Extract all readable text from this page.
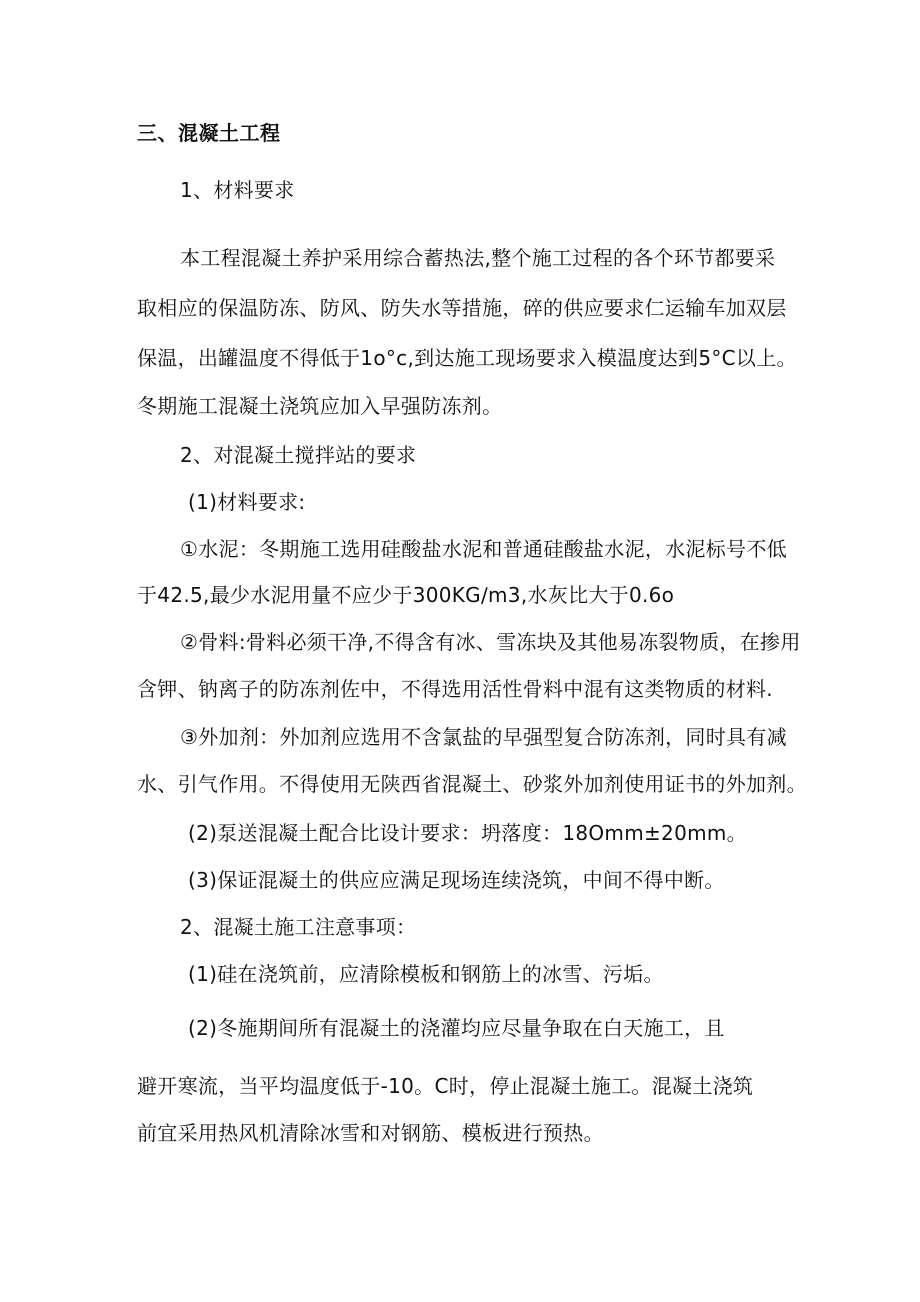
三、混凝土工程
1、材料要求
本工程混凝土养护采用综合蓄热法,整个施工过程的各个环节都要采
取相应的保温防冻、防风、防失水等措施，碎的供应要求仁运输车加双层
保温，出罐温度不得低于1o°c,到达施工现场要求入模温度达到5°C以上。
冬期施工混凝土浇筑应加入早强防冻剂。
2、对混凝土搅拌站的要求
(1)材料要求:
①水泥：冬期施工选用硅酸盐水泥和普通硅酸盐水泥，水泥标号不低
于42.5,最少水泥用量不应少于300KG∕m3,水灰比大于0.6o
②骨料:骨料必须干净,不得含有冰、雪冻块及其他易冻裂物质，在掺用
含钾、钠离子的防冻剂佐中，不得选用活性骨料中混有这类物质的材料.
③外加剂：外加剂应选用不含氯盐的早强型复合防冻剂，同时具有减
水、引气作用。不得使用无陕西省混凝土、砂浆外加剂使用证书的外加剂。
(2)泵送混凝土配合比设计要求：坍落度：18Omm±20mm。
(3)保证混凝土的供应应满足现场连续浇筑，中间不得中断。
2、混凝土施工注意事项：
(1)硅在浇筑前，应清除模板和钢筋上的冰雪、污垢。
(2)冬施期间所有混凝土的浇灌均应尽量争取在白天施工，且
避开寒流，当平均温度低于-10。C时，停止混凝土施工。混凝土浇筑
前宜采用热风机清除冰雪和对钢筋、模板进行预热。
